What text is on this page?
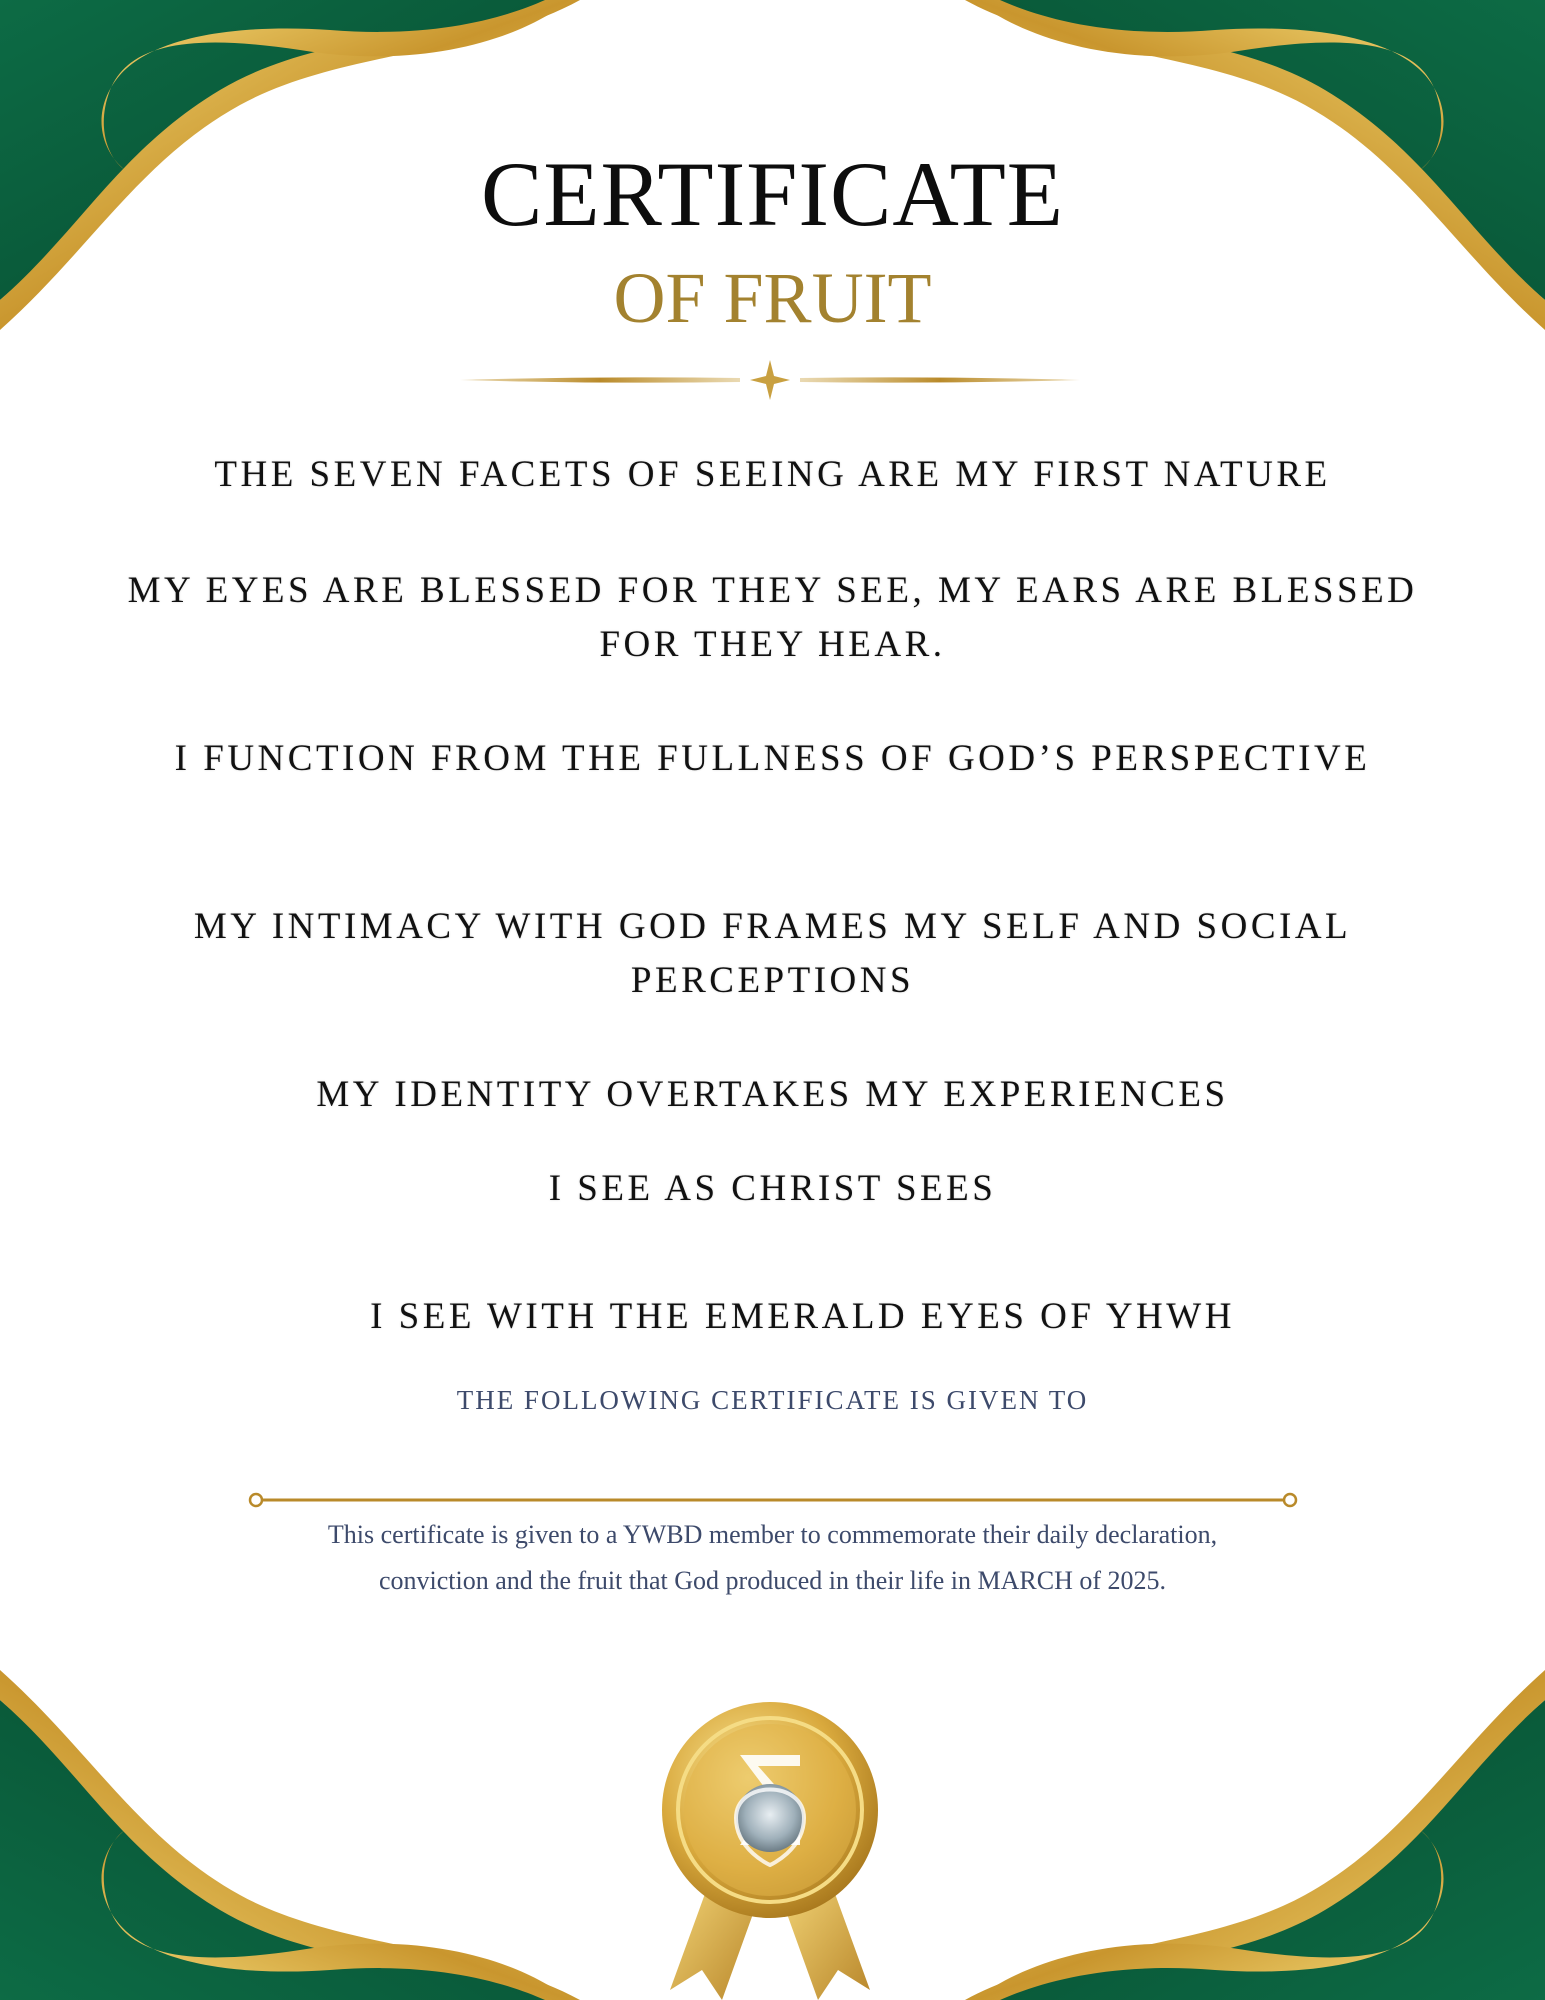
CERTIFICATE
OF FRUIT
THE SEVEN FACETS OF SEEING ARE MY FIRST NATURE
MY EYES ARE BLESSED FOR THEY SEE, MY EARS ARE BLESSED FOR THEY HEAR.
I FUNCTION FROM THE FULLNESS OF GOD’S PERSPECTIVE
MY INTIMACY WITH GOD FRAMES MY SELF AND SOCIAL PERCEPTIONS
MY IDENTITY OVERTAKES MY EXPERIENCES
I SEE AS CHRIST SEES
I SEE WITH THE EMERALD EYES OF YHWH
THE FOLLOWING CERTIFICATE IS GIVEN TO
This certificate is given to a YWBD member to commemorate their daily declaration, conviction and the fruit that God produced in their life in MARCH of 2025.
